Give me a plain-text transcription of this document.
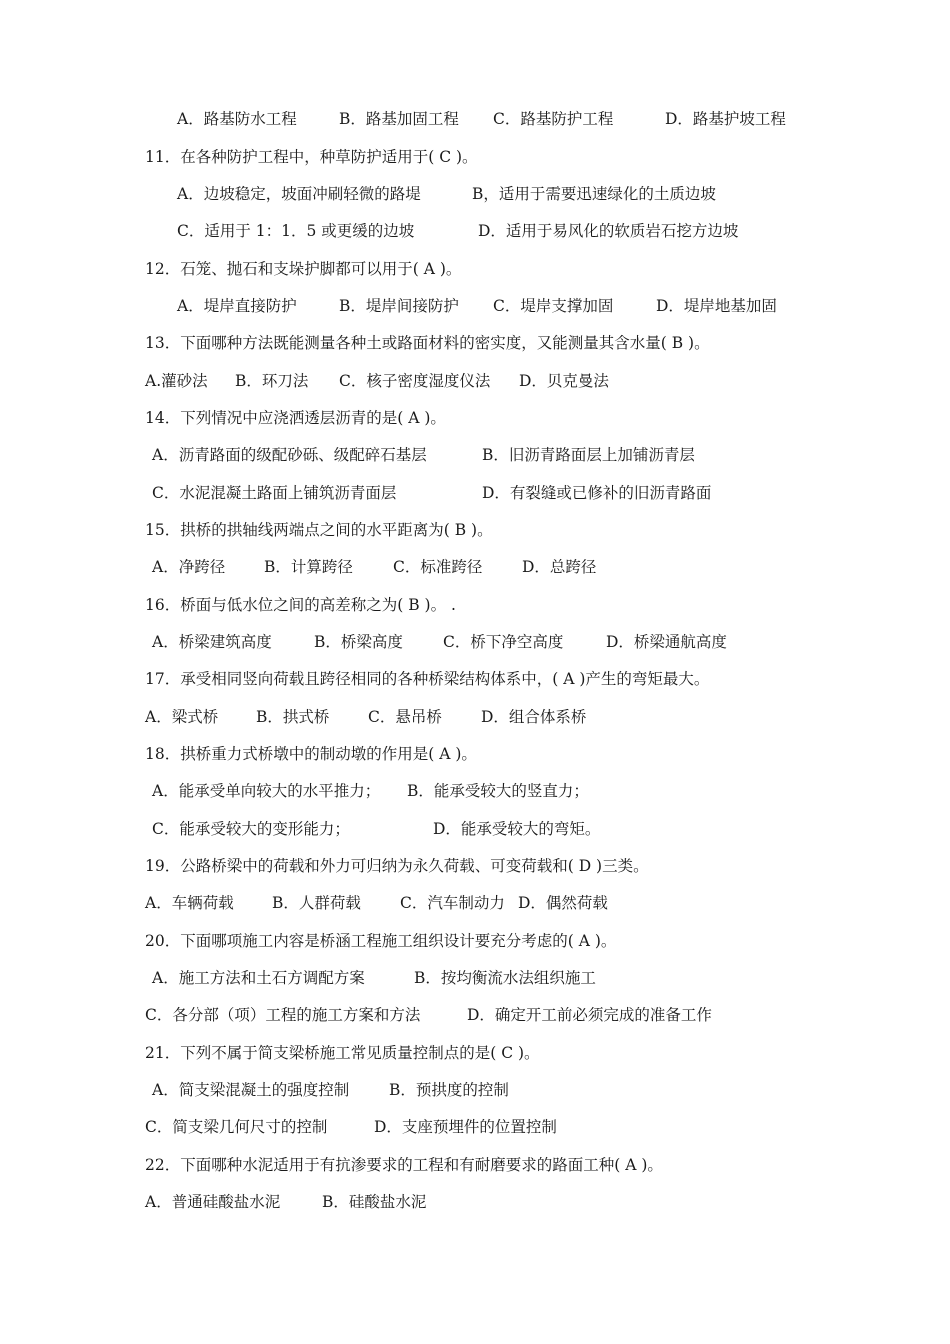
A．路基防水工程	B．路基加固工程 C．路基防护工程	D．路基护坡工程
11．在各种防护工程中，种草防护适用于( C )。
A．边坡稳定，坡面冲刷轻微的路堤	B，适用于需要迅速绿化的土质边坡
C．适用于 1：1．5 或更缓的边坡	D．适用于易风化的软质岩石挖方边坡
12．石笼、抛石和支垛护脚都可以用于( A )。
A．堤岸直接防护	B．堤岸间接防护 C．堤岸支撑加固	D．堤岸地基加固
13．下面哪种方法既能测量各种土或路面材料的密实度，又能测量其含水量( B )。
A.灌砂法 B．环刀法 C．核子密度湿度仪法 D．贝克曼法
14．下列情况中应浇洒透层沥青的是( A )。
A．沥青路面的级配砂砾、级配碎石基层	B．旧沥青路面层上加铺沥青层
C．水泥混凝土路面上铺筑沥青面层	D．有裂缝或已修补的旧沥青路面
15．拱桥的拱轴线两端点之间的水平距离为( B )。
A．净跨径	B．计算跨径	C．标准跨径	D．总跨径
16．桥面与低水位之间的高差称之为( B )。 .
A．桥梁建筑高度	B．桥梁高度	C．桥下净空高度	D．桥梁通航高度
17．承受相同竖向荷载且跨径相同的各种桥梁结构体系中，( A )产生的弯矩最大。
A．梁式桥 B．拱式桥 C．悬吊桥	D．组合体系桥
18．拱桥重力式桥墩中的制动墩的作用是( A )。
A．能承受单向较大的水平推力； B．能承受较大的竖直力；
C．能承受较大的变形能力；	D．能承受较大的弯矩。
19．公路桥梁中的荷载和外力可归纳为永久荷载、可变荷载和( D )三类。
A．车辆荷载 B．人群荷载	C．汽车制动力 D．偶然荷载
20．下面哪项施工内容是桥涵工程施工组织设计要充分考虑的( A )。
A．施工方法和土石方调配方案	B．按均衡流水法组织施工
C．各分部（项）工程的施工方案和方法	D．确定开工前必须完成的准备工作
21．下列不属于简支梁桥施工常见质量控制点的是( C )。
A．简支梁混凝土的强度控制	B．预拱度的控制
C．简支梁几何尺寸的控制	D．支座预埋件的位置控制
22．下面哪种水泥适用于有抗渗要求的工程和有耐磨要求的路面工种( A )。
A．普通硅酸盐水泥	B．硅酸盐水泥
